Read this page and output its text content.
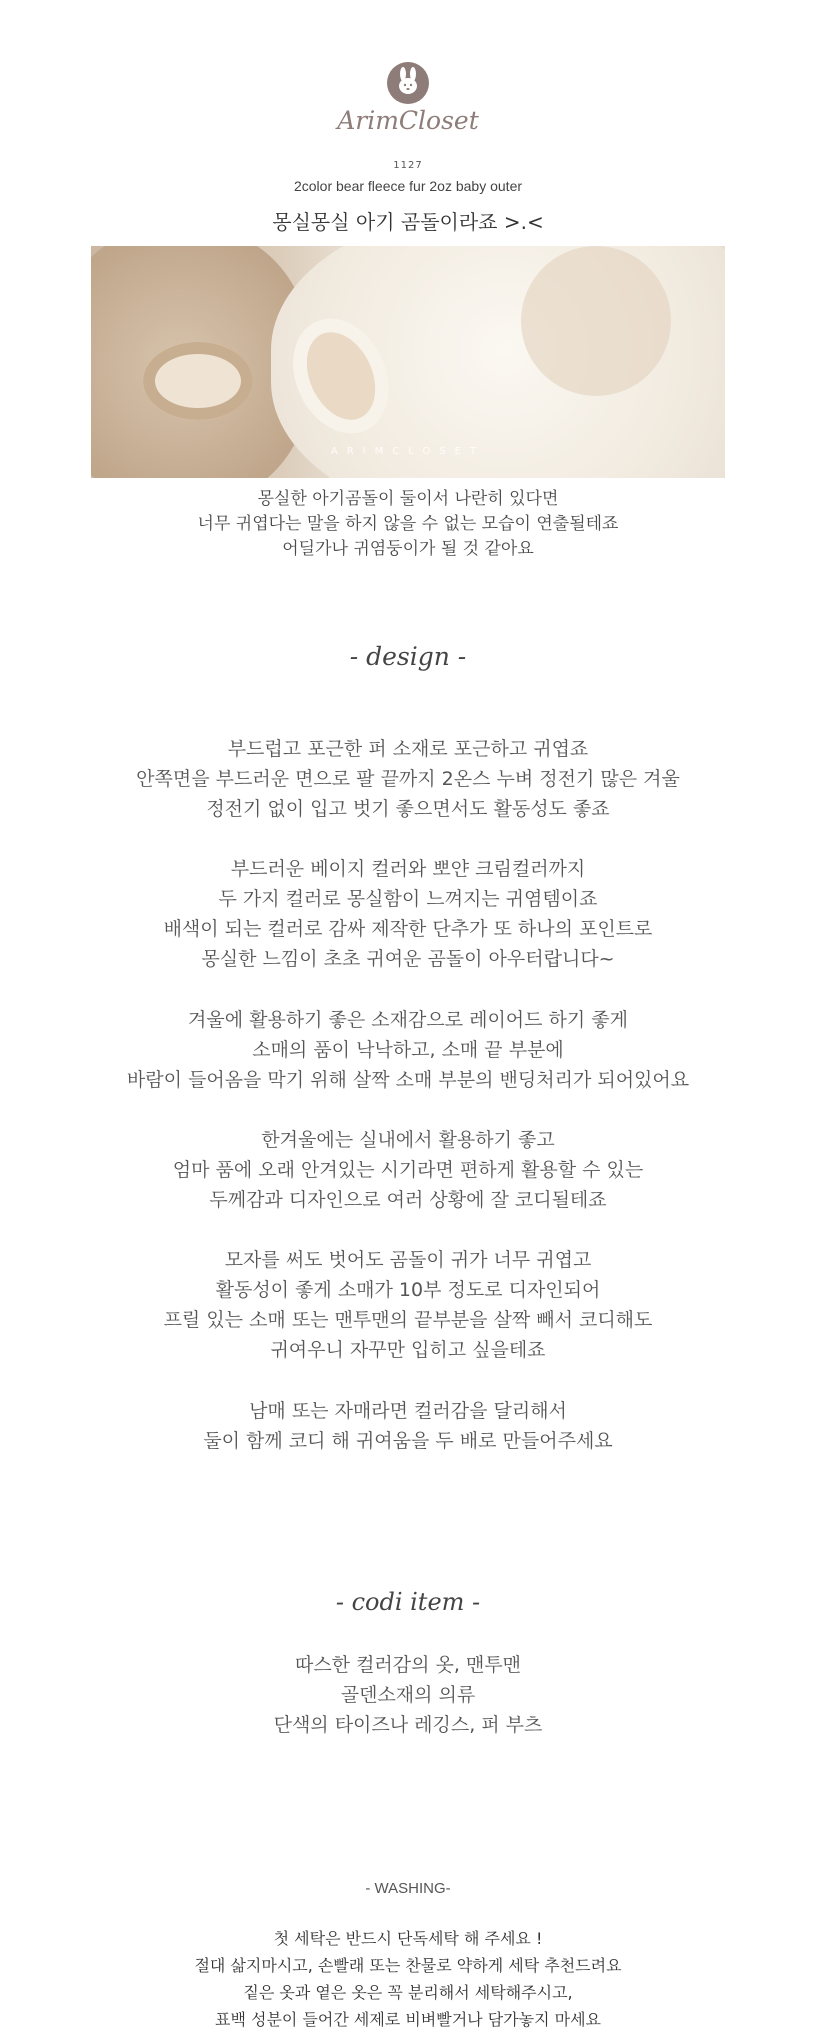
ArimCloset
1127
2color bear fleece fur 2oz baby outer
몽실몽실 아기 곰돌이라죠 >.<
ARIMCLOSET
몽실한 아기곰돌이 둘이서 나란히 있다면
너무 귀엽다는 말을 하지 않을 수 없는 모습이 연출될테죠
어딜가나 귀염둥이가 될 것 같아요
- design -
부드럽고 포근한 퍼 소재로 포근하고 귀엽죠
안쪽면을 부드러운 면으로 팔 끝까지 2온스 누벼 정전기 많은 겨울
정전기 없이 입고 벗기 좋으면서도 활동성도 좋죠
부드러운 베이지 컬러와 뽀얀 크림컬러까지
두 가지 컬러로 몽실함이 느껴지는 귀염템이죠
배색이 되는 컬러로 감싸 제작한 단추가 또 하나의 포인트로
몽실한 느낌이 초초 귀여운 곰돌이 아우터랍니다~
겨울에 활용하기 좋은 소재감으로 레이어드 하기 좋게
소매의 품이 낙낙하고, 소매 끝 부분에
바람이 들어옴을 막기 위해 살짝 소매 부분의 밴딩처리가 되어있어요
한겨울에는 실내에서 활용하기 좋고
엄마 품에 오래 안겨있는 시기라면 편하게 활용할 수 있는
두께감과 디자인으로 여러 상황에 잘 코디될테죠
모자를 써도 벗어도 곰돌이 귀가 너무 귀엽고
활동성이 좋게 소매가 10부 정도로 디자인되어
프릴 있는 소매 또는 맨투맨의 끝부분을 살짝 빼서 코디해도
귀여우니 자꾸만 입히고 싶을테죠
남매 또는 자매라면 컬러감을 달리해서
둘이 함께 코디 해 귀여움을 두 배로 만들어주세요
- codi item -
따스한 컬러감의 옷, 맨투맨
골덴소재의 의류
단색의 타이즈나 레깅스, 퍼 부츠
- WASHING-
첫 세탁은 반드시 단독세탁 해 주세요 !
절대 삶지마시고, 손빨래 또는 찬물로 약하게 세탁 추천드려요
짙은 옷과 옅은 옷은 꼭 분리해서 세탁해주시고,
표백 성분이 들어간 세제로 비벼빨거나 담가놓지 마세요
